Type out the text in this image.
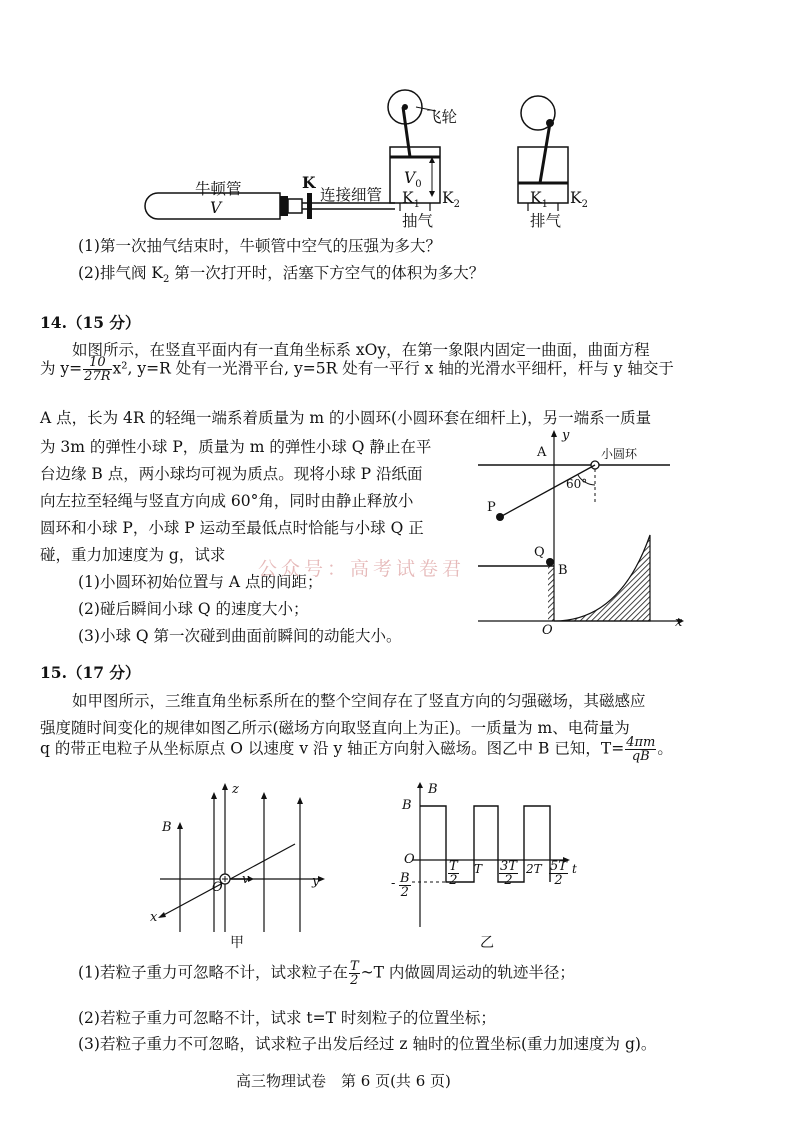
牛顿管
V
K
连接细管
飞轮
$V_0$
$K_1$ $K_2$
抽气
$K_1$ $K_2$
排气
(1)第一次抽气结束时，牛顿管中空气的压强为多大？
(2)排气阀 $K_2$ 第一次打开时，活塞下方空气的体积为多大？
14.（15 分）
如图所示，在竖直平面内有一直角坐标系 xOy，在第一象限内固定一曲面，曲面方程
为 $y= \frac{10}{27R} x^2$, y=R 处有一光滑平台, y=5R 处有一平行 x 轴的光滑水平细杆，杆与 y 轴交于
A 点，长为 4R 的轻绳一端系着质量为 m 的小圆环(小圆环套在细杆上)，另一端系一质量
为 3m 的弹性小球 P，质量为 m 的弹性小球 Q 静止在平
台边缘 B 点，两小球均可视为质点。现将小球 P 沿纸面
向左拉至轻绳与竖直方向成 60°角，同时由静止释放小
圆环和小球 P，小球 P 运动至最低点时恰能与小球 Q 正
碰，重力加速度为 g，试求
(1)小圆环初始位置与 A 点的间距；
(2)碰后瞬间小球 Q 的速度大小；
(3)小球 Q 第一次碰到曲面前瞬间的动能大小。
y
A	小圆环
60°
P
Q
B
O
x
公众号：高考试卷君
15.（17 分）
如甲图所示，三维直角坐标系所在的整个空间存在了竖直方向的匀强磁场，其磁感应
强度随时间变化的规律如图乙所示(磁场方向取竖直向上为正)。一质量为 m、电荷量为
q 的带正电粒子从坐标原点 O 以速度 v 沿 y 轴正方向射入磁场。图乙中 B 已知，$T= \frac{4\pi m}{qB}$ 。
B
z
O
v	y
x
甲
B
B
O
- $\frac{B}{2}$	$\frac{T}{2}$ T $\frac{3T}{2} 2T \frac{5T}{2}$ t
乙
(1)若粒子重力可忽略不计，试求粒子在 $\frac{T}{2}$ ~T 内做圆周运动的轨迹半径；
(2)若粒子重力可忽略不计，试求 t=T 时刻粒子的位置坐标；
(3)若粒子重力不可忽略，试求粒子出发后经过 z 轴时的位置坐标(重力加速度为 g)。
高三物理试卷　第 6 页(共 6 页)
